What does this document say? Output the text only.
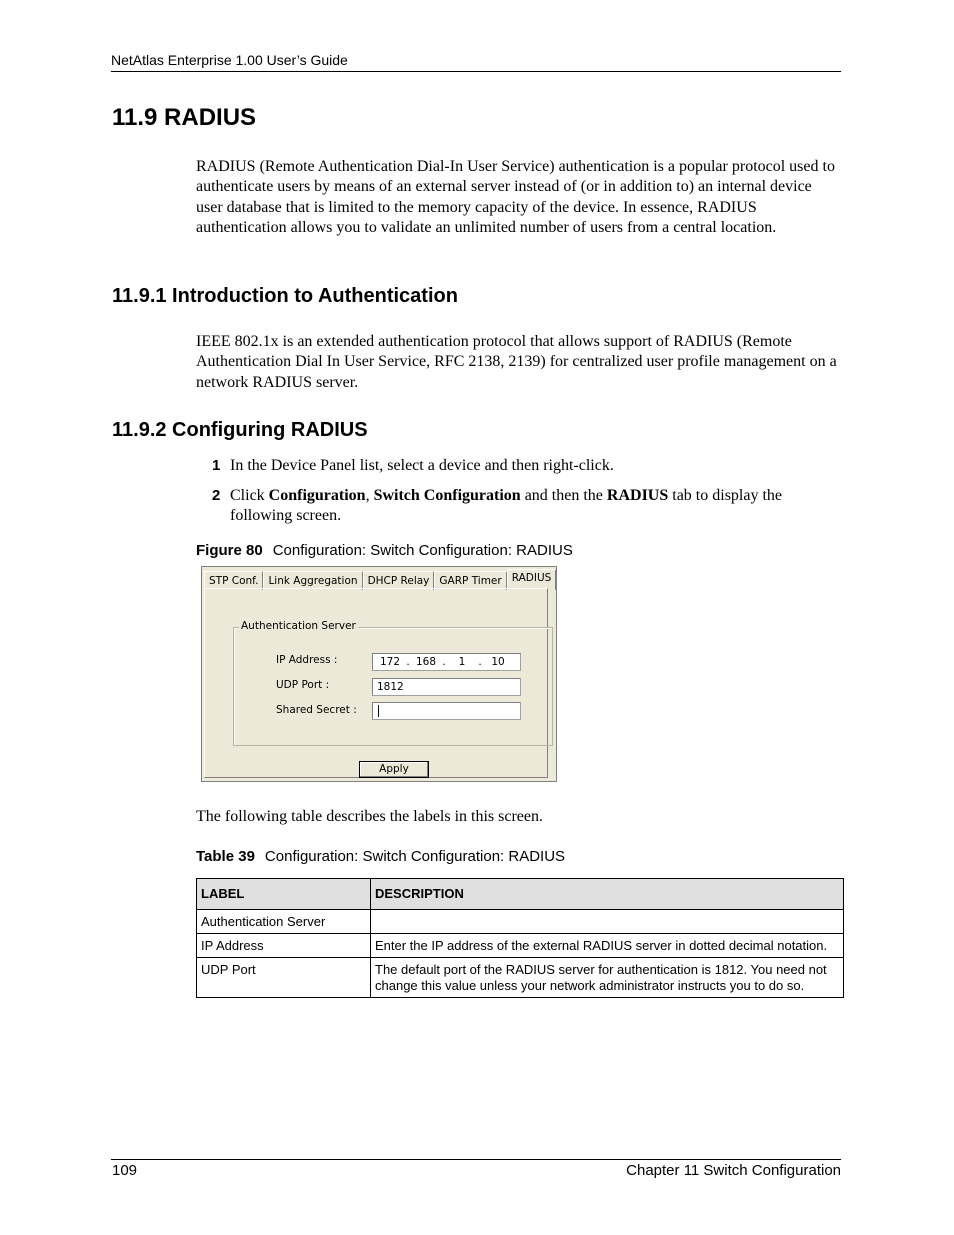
NetAtlas Enterprise 1.00 User’s Guide
11.9 RADIUS

RADIUS (Remote Authentication Dial-In User Service) authentication is a popular protocol used to authenticate users by means of an external server instead of (or in addition to) an internal device user database that is limited to the memory capacity of the device. In essence, RADIUS authentication allows you to validate an unlimited number of users from a central location.

11.9.1 Introduction to Authentication

IEEE 802.1x is an extended authentication protocol that allows support of RADIUS (Remote Authentication Dial In User Service, RFC 2138, 2139) for centralized user profile management on a network RADIUS server.

11.9.2 Configuring RADIUS
1 In the Device Panel list, select a device and then right-click.
2 Click Configuration, Switch Configuration and then the RADIUS tab to display the following screen.
Figure 80 Configuration: Switch Configuration: RADIUS
STP Conf. Link Aggregation DHCP Relay GARP Timer RADIUS
Authentication Server
IP Address :	172 . 168 . 1 . 10
UDP Port :	1812
Shared Secret :
Apply

The following table describes the labels in this screen.

Table 39 Configuration: Switch Configuration: RADIUS
LABEL	DESCRIPTION
Authentication Server	
IP Address	Enter the IP address of the external RADIUS server in dotted decimal notation.
UDP Port	The default port of the RADIUS server for authentication is 1812. You need not change this value unless your network administrator instructs you to do so.
109	Chapter 11 Switch Configuration
